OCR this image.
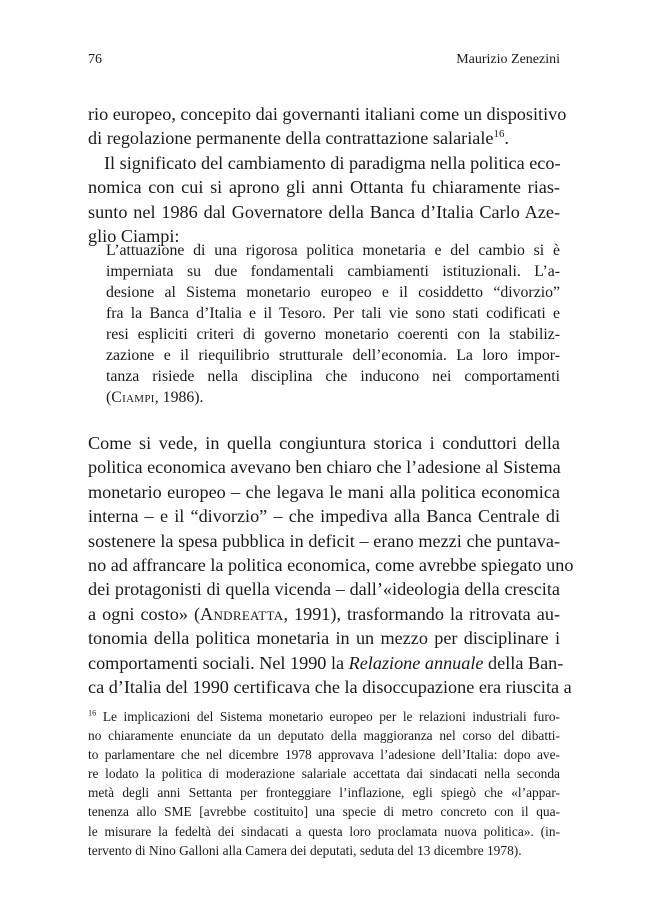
76	Maurizio Zenezini
rio europeo, concepito dai governanti italiani come un dispositivo
di regolazione permanente della contrattazione salariale$^{16}$.
Il significato del cambiamento di paradigma nella politica eco-
nomica con cui si aprono gli anni Ottanta fu chiaramente rias-
sunto nel 1986 dal Governatore della Banca d’Italia Carlo Aze-
glio Ciampi:
L’attuazione di una rigorosa politica monetaria e del cambio si è
imperniata su due fondamentali cambiamenti istituzionali. L’a-
desione al Sistema monetario europeo e il cosiddetto “divorzio”
fra la Banca d’Italia e il Tesoro. Per tali vie sono stati codificati e
resi espliciti criteri di governo monetario coerenti con la stabiliz-
zazione e il riequilibrio strutturale dell’economia. La loro impor-
tanza risiede nella disciplina che inducono nei comportamenti
(Ciampi, 1986).
Come si vede, in quella congiuntura storica i conduttori della
politica economica avevano ben chiaro che l’adesione al Sistema
monetario europeo – che legava le mani alla politica economica
interna – e il “divorzio” – che impediva alla Banca Centrale di
sostenere la spesa pubblica in deficit – erano mezzi che puntava-
no ad affrancare la politica economica, come avrebbe spiegato uno
dei protagonisti di quella vicenda – dall’«ideologia della crescita
a ogni costo» (Andreatta, 1991), trasformando la ritrovata au-
tonomia della politica monetaria in un mezzo per disciplinare i
comportamenti sociali. Nel 1990 la Relazione annuale della Ban-
ca d’Italia del 1990 certificava che la disoccupazione era riuscita a
$^{16}$ Le implicazioni del Sistema monetario europeo per le relazioni industriali furo-
no chiaramente enunciate da un deputato della maggioranza nel corso del dibatti-
to parlamentare che nel dicembre 1978 approvava l’adesione dell’Italia: dopo ave-
re lodato la politica di moderazione salariale accettata dai sindacati nella seconda
metà degli anni Settanta per fronteggiare l’inflazione, egli spiegò che «l’appar-
tenenza allo SME [avrebbe costituito] una specie di metro concreto con il qua-
le misurare la fedeltà dei sindacati a questa loro proclamata nuova politica». (in-
tervento di Nino Galloni alla Camera dei deputati, seduta del 13 dicembre 1978).
